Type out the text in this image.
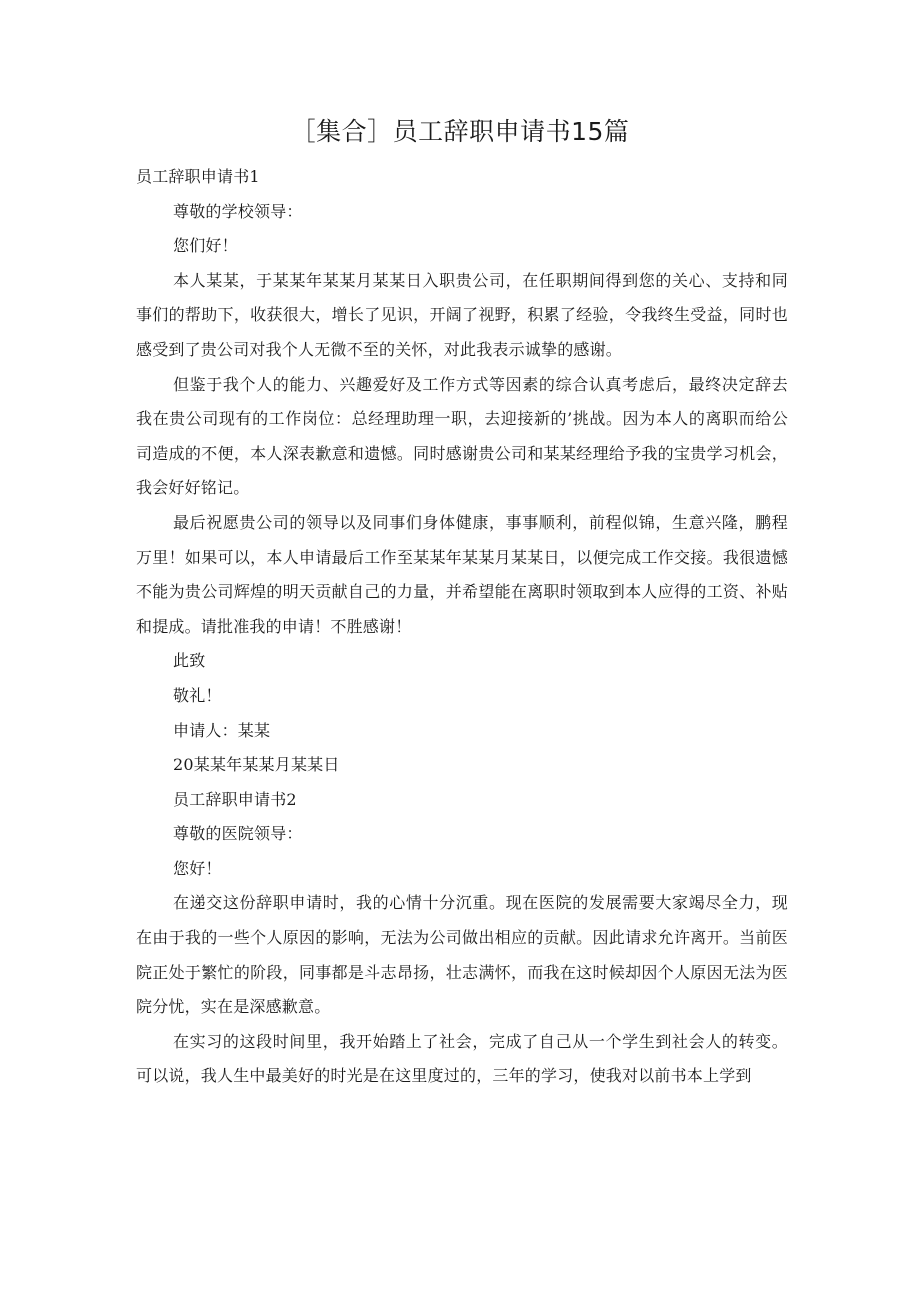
［集合］员工辞职申请书15篇

员工辞职申请书1

尊敬的学校领导：

您们好！

本人某某，于某某年某某月某某日入职贵公司，在任职期间得到您的关心、支持和同事们的帮助下，收获很大，增长了见识，开阔了视野，积累了经验，令我终生受益，同时也感受到了贵公司对我个人无微不至的关怀，对此我表示诚挚的感谢。

但鉴于我个人的能力、兴趣爱好及工作方式等因素的综合认真考虑后，最终决定辞去我在贵公司现有的工作岗位：总经理助理一职，去迎接新的’挑战。因为本人的离职而给公司造成的不便，本人深表歉意和遗憾。同时感谢贵公司和某某经理给予我的宝贵学习机会，我会好好铭记。

最后祝愿贵公司的领导以及同事们身体健康，事事顺利，前程似锦，生意兴隆，鹏程万里！如果可以，本人申请最后工作至某某年某某月某某日，以便完成工作交接。我很遗憾不能为贵公司辉煌的明天贡献自己的力量，并希望能在离职时领取到本人应得的工资、补贴和提成。请批准我的申请！不胜感谢！

此致

敬礼！

申请人：某某

20某某年某某月某某日

员工辞职申请书2

尊敬的医院领导：

您好！

在递交这份辞职申请时，我的心情十分沉重。现在医院的发展需要大家竭尽全力，现在由于我的一些个人原因的影响，无法为公司做出相应的贡献。因此请求允许离开。当前医院正处于繁忙的阶段，同事都是斗志昂扬，壮志满怀，而我在这时候却因个人原因无法为医院分忧，实在是深感歉意。

在实习的这段时间里，我开始踏上了社会，完成了自己从一个学生到社会人的转变。可以说，我人生中最美好的时光是在这里度过的，三年的学习，使我对以前书本上学到
